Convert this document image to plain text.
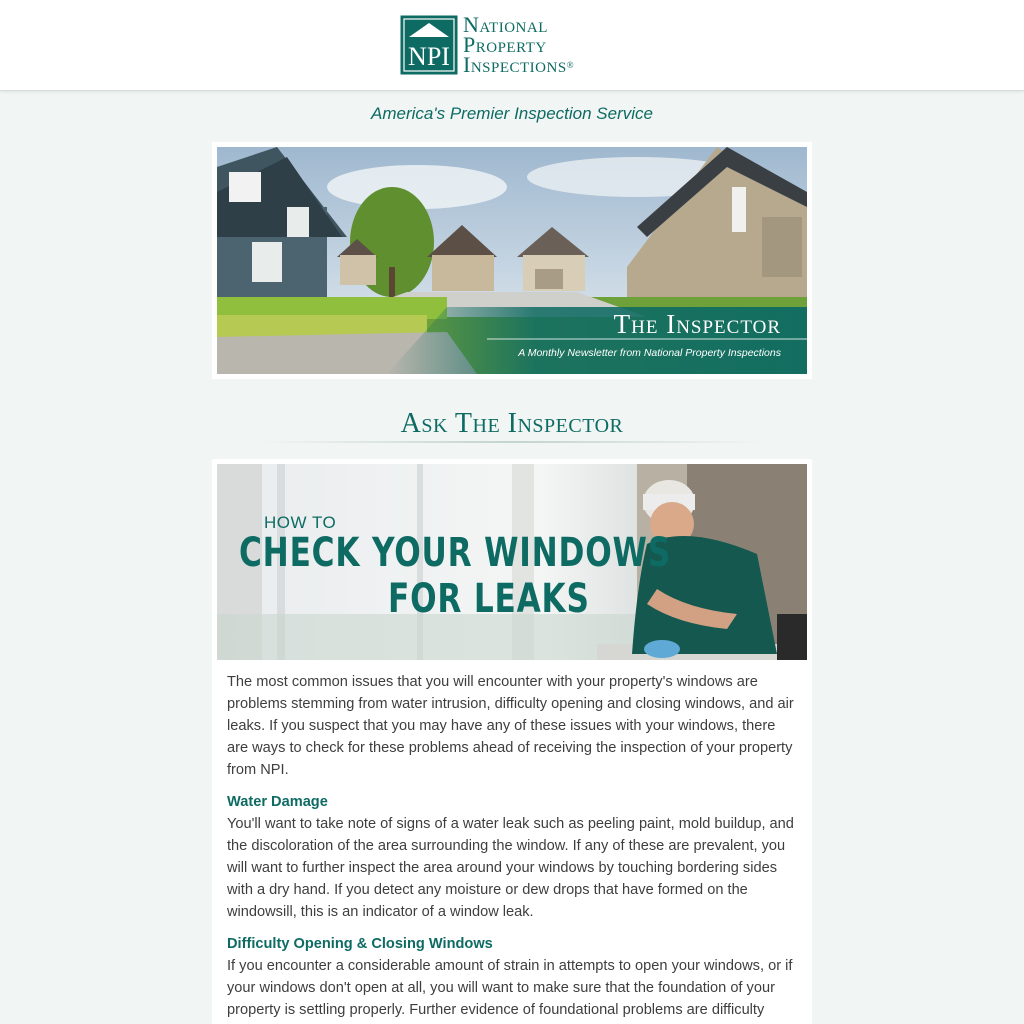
NPI
National
Property
Inspections®
America's Premier Inspection Service
The Inspector
A Monthly Newsletter from National Property Inspections
Ask The Inspector
HOW TO
CHECK YOUR WINDOWS
FOR LEAKS

The most common issues that you will encounter with your property's windows are problems stemming from water intrusion, difficulty opening and closing windows, and air leaks. If you suspect that you may have any of these issues with your windows, there are ways to check for these problems ahead of receiving the inspection of your property from NPI.

Water Damage

You'll want to take note of signs of a water leak such as peeling paint, mold buildup, and the discoloration of the area surrounding the window. If any of these are prevalent, you will want to further inspect the area around your windows by touching bordering sides with a dry hand. If you detect any moisture or dew drops that have formed on the windowsill, this is an indicator of a window leak.

Difficulty Opening & Closing Windows

If you encounter a considerable amount of strain in attempts to open your windows, or if your windows don't open at all, you will want to make sure that the foundation of your property is settling properly. Further evidence of foundational problems are difficulty
